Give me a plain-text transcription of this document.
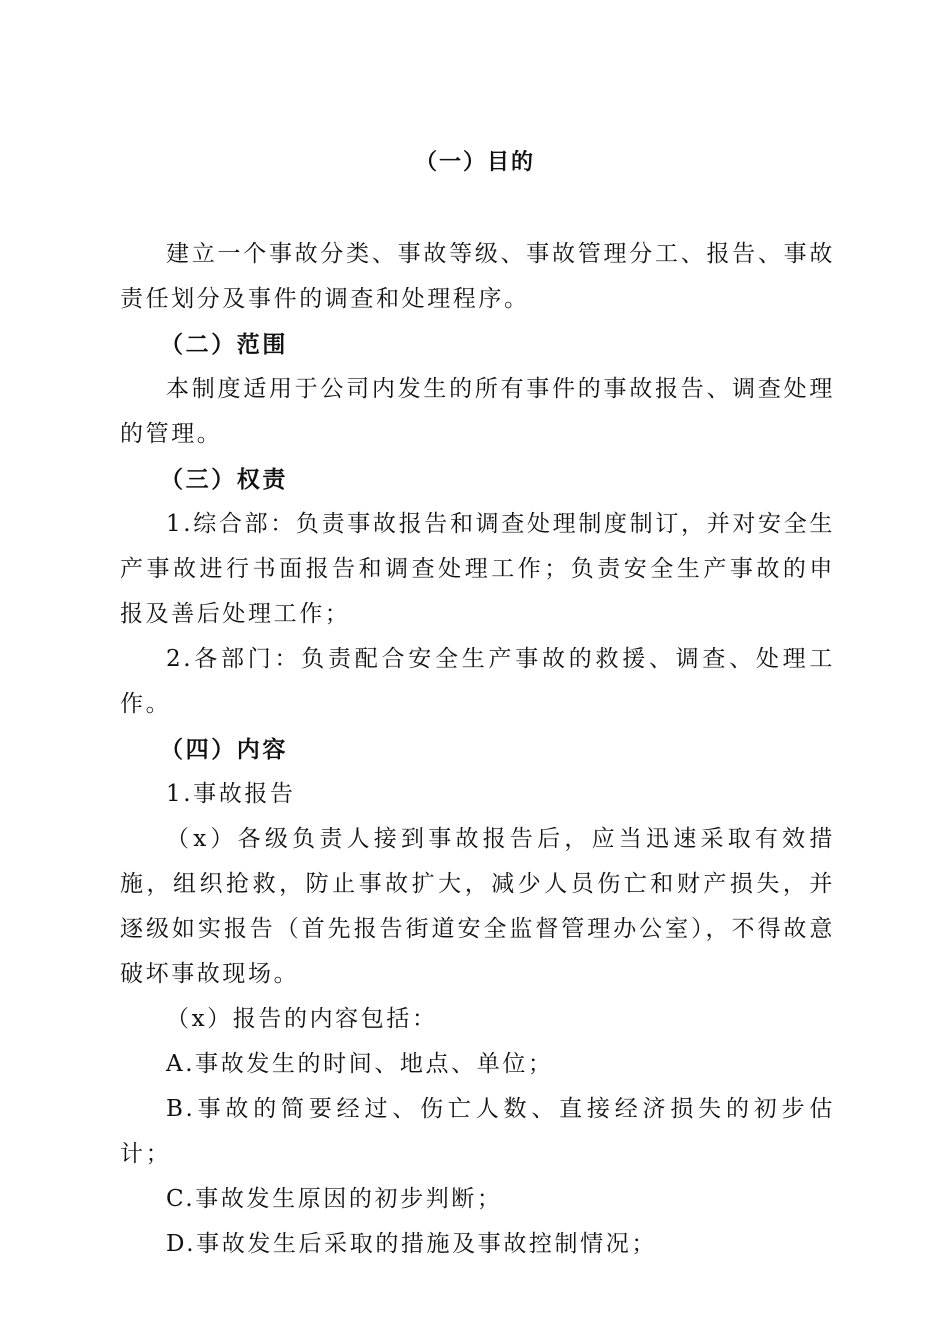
（一）目的

建立一个事故分类、事故等级、事故管理分工、报告、事故责任划分及事件的调查和处理程序。

（二）范围

本制度适用于公司内发生的所有事件的事故报告、调查处理的管理。

（三）权责

1.综合部：负责事故报告和调查处理制度制订，并对安全生产事故进行书面报告和调查处理工作；负责安全生产事故的申报及善后处理工作；

2.各部门：负责配合安全生产事故的救援、调查、处理工作。

（四）内容

1.事故报告

（x）各级负责人接到事故报告后，应当迅速采取有效措施，组织抢救，防止事故扩大，减少人员伤亡和财产损失，并逐级如实报告（首先报告街道安全监督管理办公室），不得故意破坏事故现场。

（x）报告的内容包括：

A.事故发生的时间、地点、单位；

B.事故的简要经过、伤亡人数、直接经济损失的初步估计；

C.事故发生原因的初步判断；

D.事故发生后采取的措施及事故控制情况；
